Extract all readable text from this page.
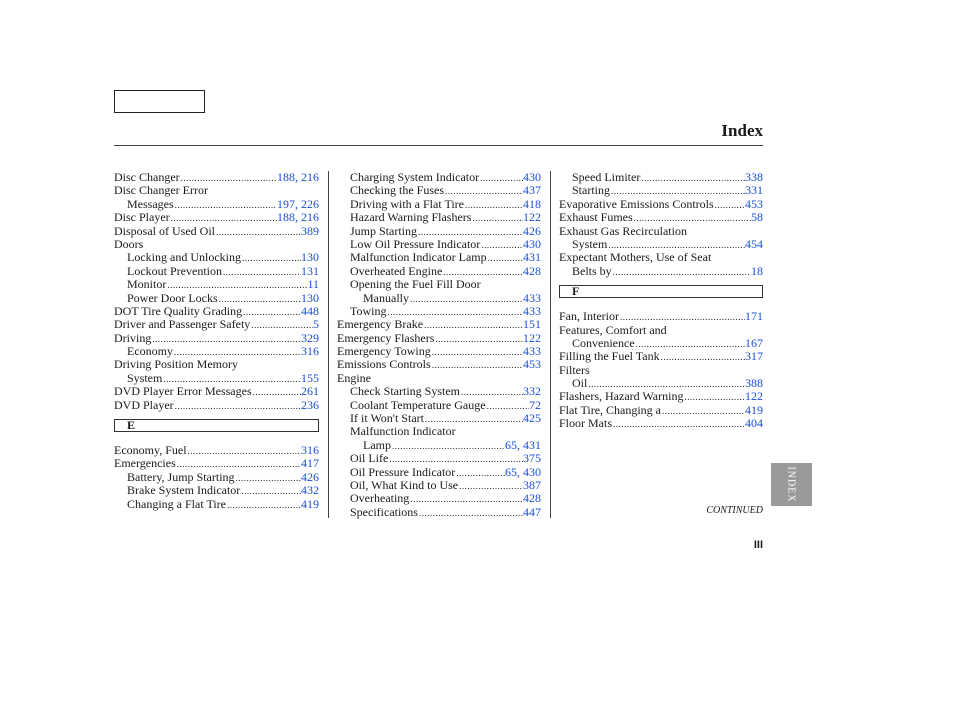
Index
Disc Changer .....	188, 216
Disc Changer Error
Messages .....	197, 226
Disc Player .....	188, 216
Disposal of Used Oil .....	389
Doors
Locking and Unlocking .....	130
Lockout Prevention .....	131
Monitor .....	11
Power Door Locks .....	130
DOT Tire Quality Grading .....	448
Driver and Passenger Safety .....	5
Driving .....	329
Economy .....	316
Driving Position Memory
System .....	155
DVD Player Error Messages .....	261
DVD Player .....	236
E
Economy, Fuel .....	316
Emergencies .....	417
Battery, Jump Starting .....	426
Brake System Indicator .....	432
Changing a Flat Tire .....	419
Charging System Indicator .....	430
Checking the Fuses .....	437
Driving with a Flat Tire .....	418
Hazard Warning Flashers .....	122
Jump Starting .....	426
Low Oil Pressure Indicator .....	430
Malfunction Indicator Lamp .....	431
Overheated Engine .....	428
Opening the Fuel Fill Door
Manually .....	433
Towing .....	433
Emergency Brake .....	151
Emergency Flashers .....	122
Emergency Towing .....	433
Emissions Controls .....	453
Engine
Check Starting System .....	332
Coolant Temperature Gauge .....	72
If it Won't Start .....	425
Malfunction Indicator
Lamp .....	65, 431
Oil Life .....	375
Oil Pressure Indicator .....	65, 430
Oil, What Kind to Use .....	387
Overheating .....	428
Specifications .....	447
Speed Limiter .....	338
Starting .....	331
Evaporative Emissions Controls .....	453
Exhaust Fumes .....	58
Exhaust Gas Recirculation
System .....	454
Expectant Mothers, Use of Seat
Belts by .....	18
F
Fan, Interior .....	171
Features, Comfort and
Convenience .....	167
Filling the Fuel Tank .....	317
Filters
Oil .....	388
Flashers, Hazard Warning .....	122
Flat Tire, Changing a .....	419
Floor Mats .....	404
INDEX
CONTINUED
III
